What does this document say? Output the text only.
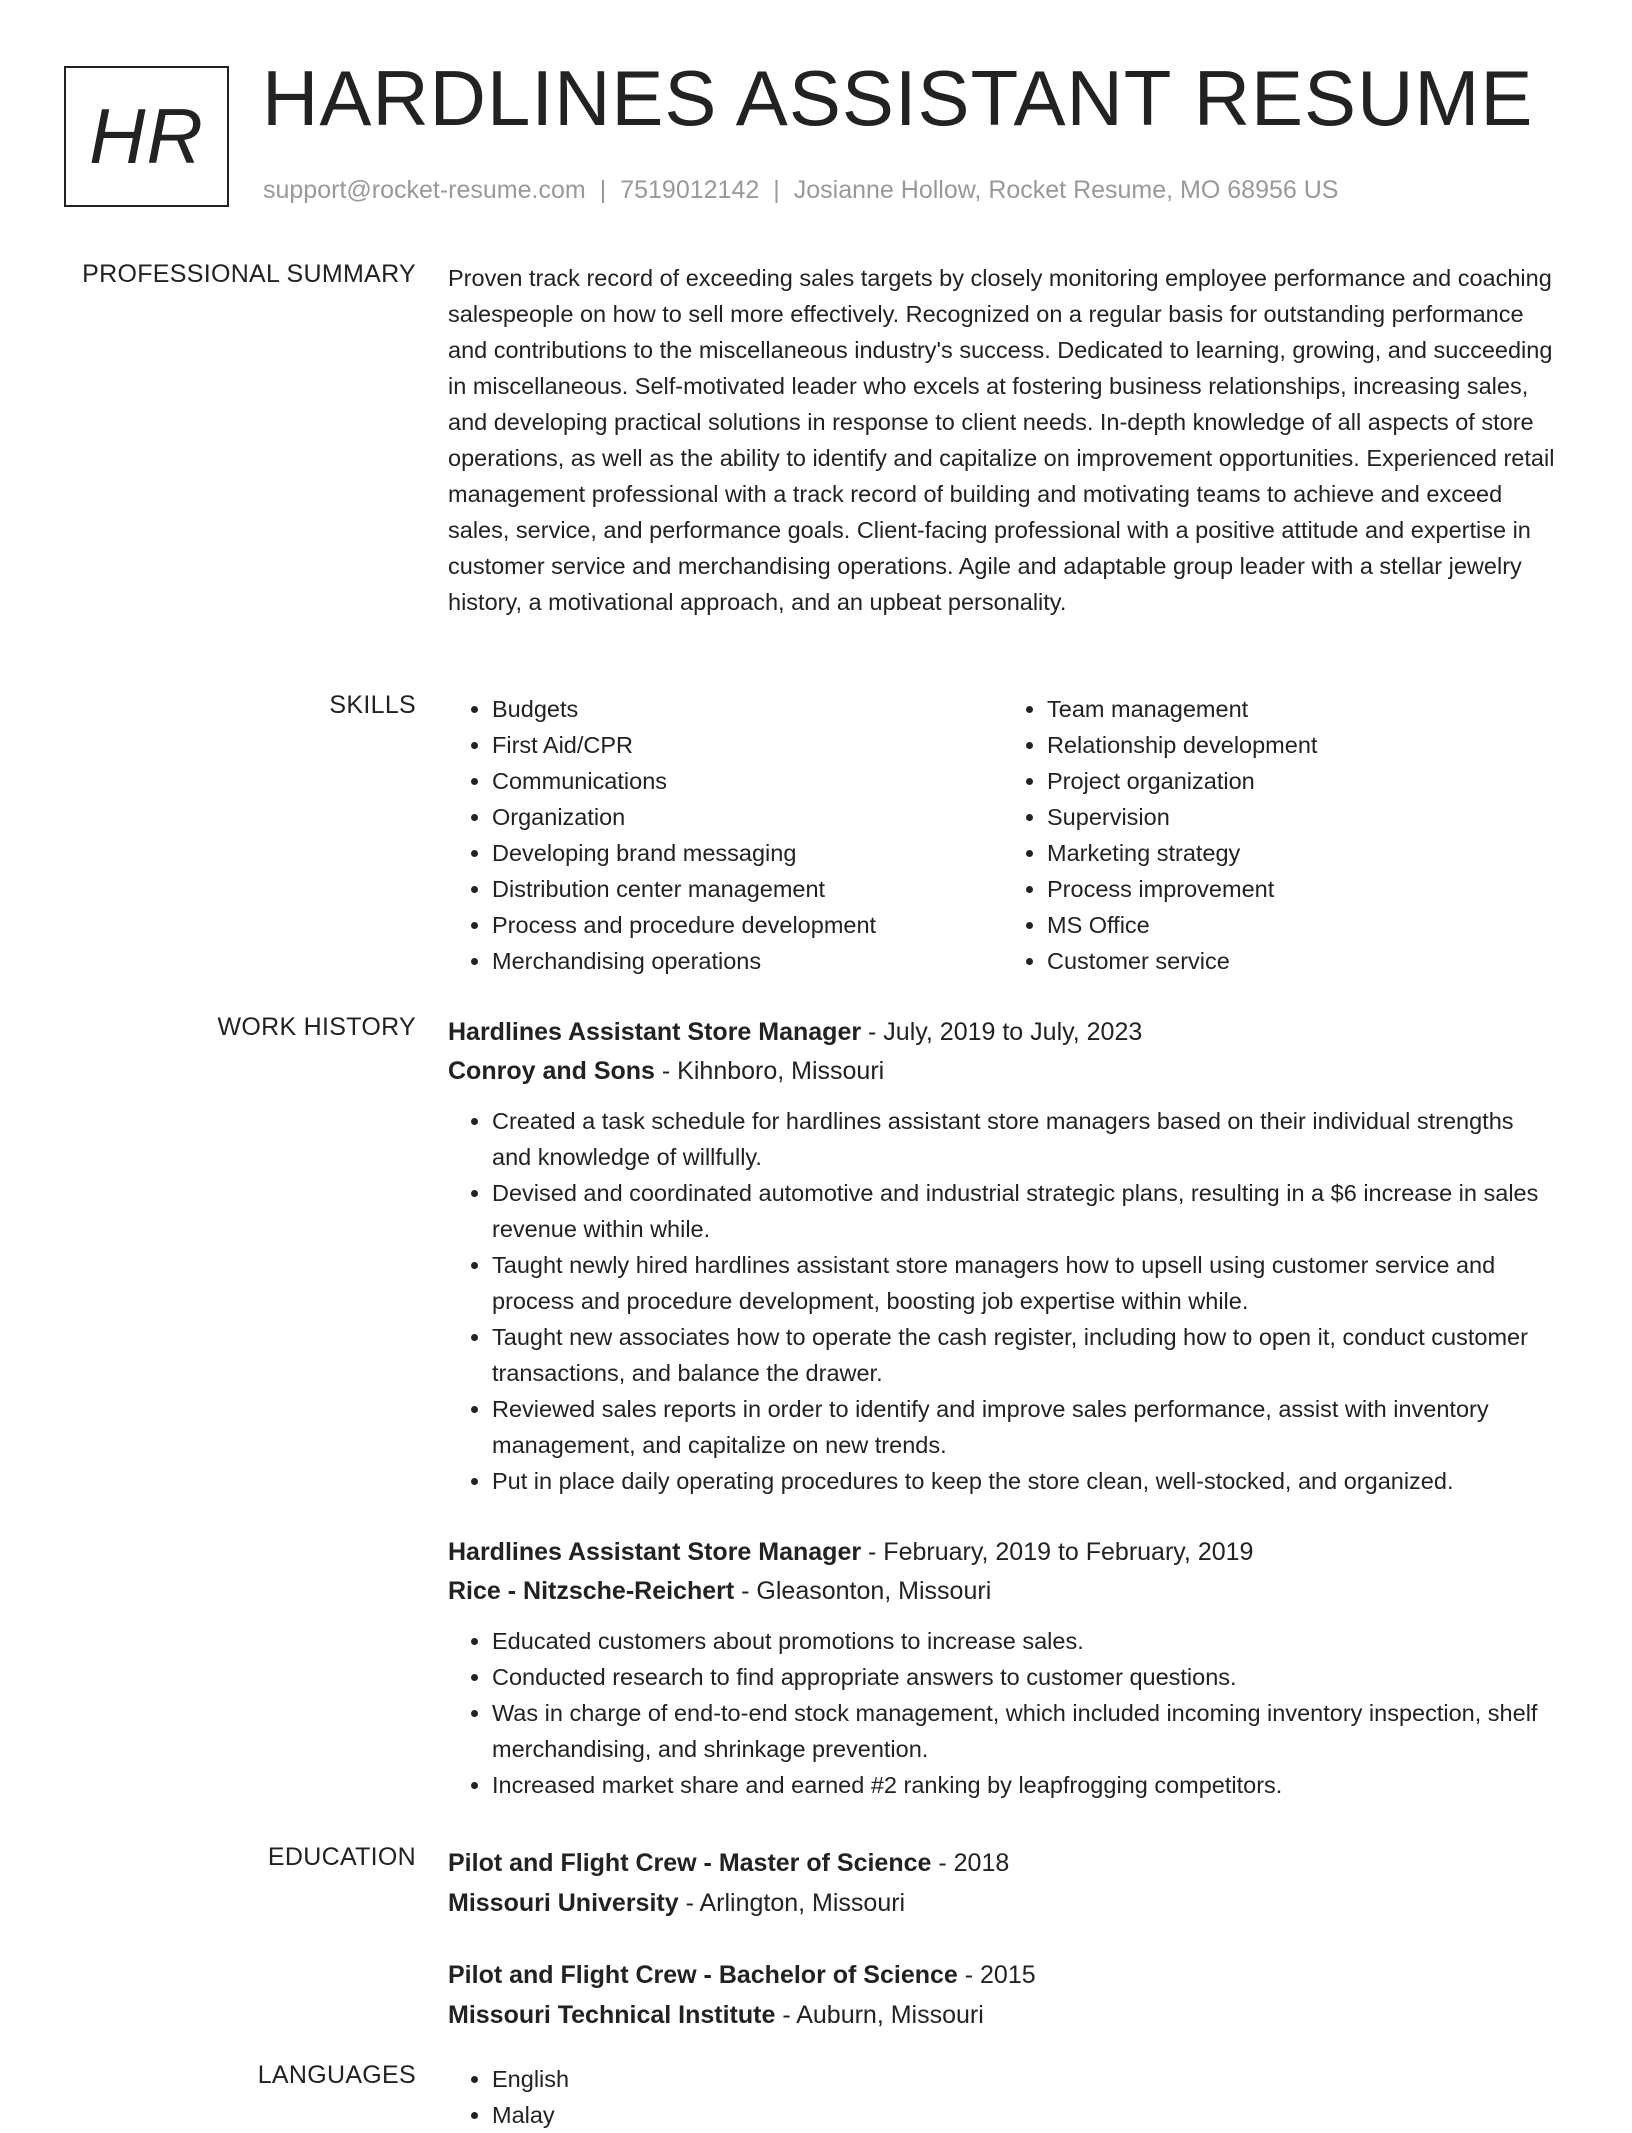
HR HARDLINES ASSISTANT RESUME
support@rocket-resume.com | 7519012142 | Josianne Hollow, Rocket Resume, MO 68956 US
PROFESSIONAL SUMMARY Proven track record of exceeding sales targets by closely monitoring employee performance and coaching salespeople on how to sell more effectively. Recognized on a regular basis for outstanding performance and contributions to the miscellaneous industry's success. Dedicated to learning, growing, and succeeding in miscellaneous. Self-motivated leader who excels at fostering business relationships, increasing sales, and developing practical solutions in response to client needs. In-depth knowledge of all aspects of store operations, as well as the ability to identify and capitalize on improvement opportunities. Experienced retail management professional with a track record of building and motivating teams to achieve and exceed sales, service, and performance goals. Client-facing professional with a positive attitude and expertise in customer service and merchandising operations. Agile and adaptable group leader with a stellar jewelry history, a motivational approach, and an upbeat personality.

SKILLS	• Budgets
• First Aid/CPR
• Communications
• Organization
• Developing brand messaging
• Distribution center management
• Process and procedure development
• Merchandising operations
• Team management
• Relationship development
• Project organization
• Supervision
• Marketing strategy
• Process improvement
• MS Office
• Customer service
WORK HISTORY Hardlines Assistant Store Manager - July, 2019 to July, 2023
Conroy and Sons - Kihnboro, Missouri
• Created a task schedule for hardlines assistant store managers based on their individual strengths and knowledge of willfully.
• Devised and coordinated automotive and industrial strategic plans, resulting in a $6 increase in sales revenue within while.
• Taught newly hired hardlines assistant store managers how to upsell using customer service and process and procedure development, boosting job expertise within while.
• Taught new associates how to operate the cash register, including how to open it, conduct customer transactions, and balance the drawer.
• Reviewed sales reports in order to identify and improve sales performance, assist with inventory management, and capitalize on new trends.
• Put in place daily operating procedures to keep the store clean, well-stocked, and organized.
Hardlines Assistant Store Manager - February, 2019 to February, 2019
Rice - Nitzsche-Reichert - Gleasonton, Missouri
• Educated customers about promotions to increase sales.
• Conducted research to find appropriate answers to customer questions.
• Was in charge of end-to-end stock management, which included incoming inventory inspection, shelf merchandising, and shrinkage prevention.
• Increased market share and earned #2 ranking by leapfrogging competitors.
EDUCATION Pilot and Flight Crew - Master of Science - 2018
Missouri University - Arlington, Missouri
Pilot and Flight Crew - Bachelor of Science - 2015
Missouri Technical Institute - Auburn, Missouri
LANGUAGES	• English
• Malay
